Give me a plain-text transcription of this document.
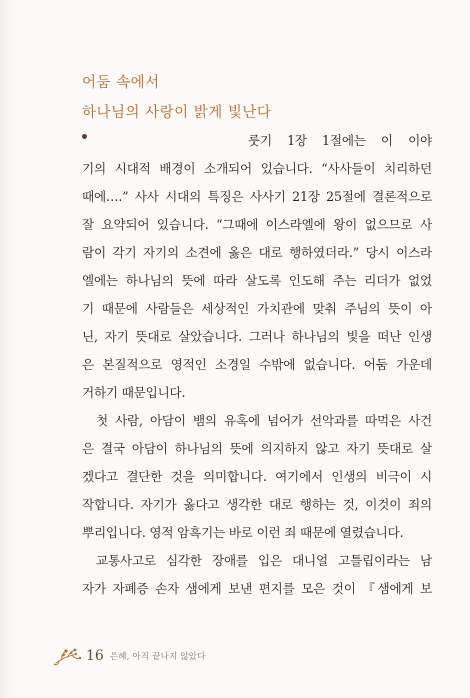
어둠 속에서
하나님의 사랑이 밝게 빛난다
룻기 1장 1절에는 이 이야
기의 시대적 배경이 소개되어 있습니다. “사사들이 치리하던
때에….” 사사 시대의 특징은 사사기 21장 25절에 결론적으로
잘 요약되어 있습니다. “그때에 이스라엘에 왕이 없으므로 사
람이 각기 자기의 소견에 옳은 대로 행하였더라.” 당시 이스라
엘에는 하나님의 뜻에 따라 살도록 인도해 주는 리더가 없었
기 때문에 사람들은 세상적인 가치관에 맞춰 주님의 뜻이 아
닌, 자기 뜻대로 살았습니다. 그러나 하나님의 빛을 떠난 인생
은 본질적으로 영적인 소경일 수밖에 없습니다. 어둠 가운데
거하기 때문입니다.
첫 사람, 아담이 뱀의 유혹에 넘어가 선악과를 따먹은 사건
은 결국 아담이 하나님의 뜻에 의지하지 않고 자기 뜻대로 살
겠다고 결단한 것을 의미합니다. 여기에서 인생의 비극이 시
작합니다. 자기가 옳다고 생각한 대로 행하는 것, 이것이 죄의
뿌리입니다. 영적 암흑기는 바로 이런 죄 때문에 열렸습니다.
교통사고로 심각한 장애를 입은 대니얼 고틀립이라는 남
자가 자폐증 손자 샘에게 보낸 편지를 모은 것이 『샘에게 보
16 은혜, 아직 끝나지 않았다
